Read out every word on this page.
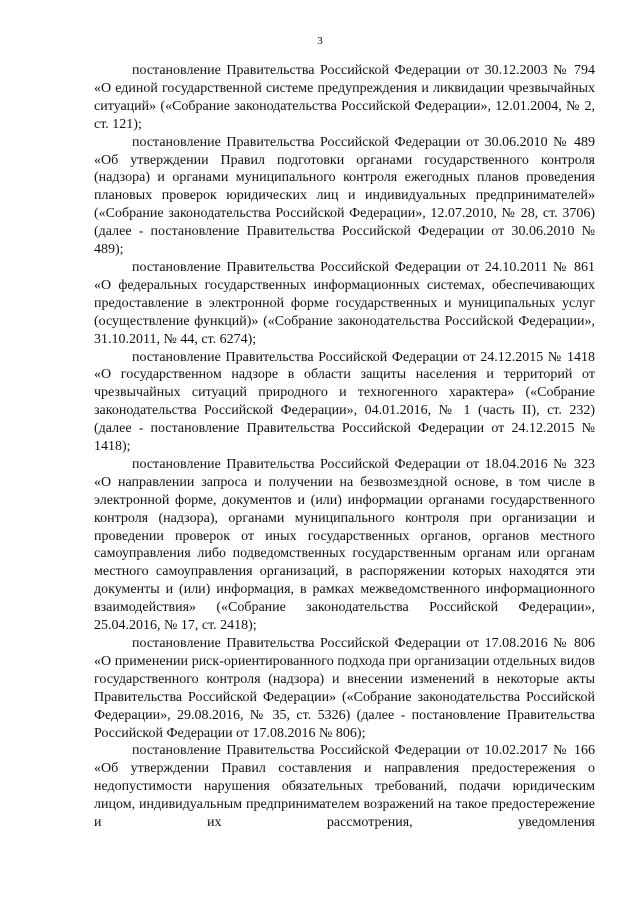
3

постановление Правительства Российской Федерации от 30.12.2003 № 794 «О единой государственной системе предупреждения и ликвидации чрезвычайных ситуаций» («Собрание законодательства Российской Федерации», 12.01.2004, № 2, ст. 121);

постановление Правительства Российской Федерации от 30.06.2010 № 489 «Об утверждении Правил подготовки органами государственного контроля (надзора) и органами муниципального контроля ежегодных планов проведения плановых проверок юридических лиц и индивидуальных предпринимателей» («Собрание законодательства Российской Федерации», 12.07.2010, № 28, ст. 3706) (далее - постановление Правительства Российской Федерации от 30.06.2010 № 489);

постановление Правительства Российской Федерации от 24.10.2011 № 861 «О федеральных государственных информационных системах, обеспечивающих предоставление в электронной форме государственных и муниципальных услуг (осуществление функций)» («Собрание законодательства Российской Федерации», 31.10.2011, № 44, ст. 6274);

постановление Правительства Российской Федерации от 24.12.2015 № 1418 «О государственном надзоре в области защиты населения и территорий от чрезвычайных ситуаций природного и техногенного характера» («Собрание законодательства Российской Федерации», 04.01.2016, № 1 (часть II), ст. 232) (далее - постановление Правительства Российской Федерации от 24.12.2015 № 1418);

постановление Правительства Российской Федерации от 18.04.2016 № 323 «О направлении запроса и получении на безвозмездной основе, в том числе в электронной форме, документов и (или) информации органами государственного контроля (надзора), органами муниципального контроля при организации и проведении проверок от иных государственных органов, органов местного самоуправления либо подведомственных государственным органам или органам местного самоуправления организаций, в распоряжении которых находятся эти документы и (или) информация, в рамках межведомственного информационного взаимодействия» («Собрание законодательства Российской Федерации», 25.04.2016, № 17, ст. 2418);

постановление Правительства Российской Федерации от 17.08.2016 № 806 «О применении риск-ориентированного подхода при организации отдельных видов государственного контроля (надзора) и внесении изменений в некоторые акты Правительства Российской Федерации» («Собрание законодательства Российской Федерации», 29.08.2016, № 35, ст. 5326) (далее - постановление Правительства Российской Федерации от 17.08.2016 № 806);

постановление Правительства Российской Федерации от 10.02.2017 № 166 «Об утверждении Правил составления и направления предостережения о недопустимости нарушения обязательных требований, подачи юридическим лицом, индивидуальным предпринимателем возражений на такое предостережение и их рассмотрения, уведомления
